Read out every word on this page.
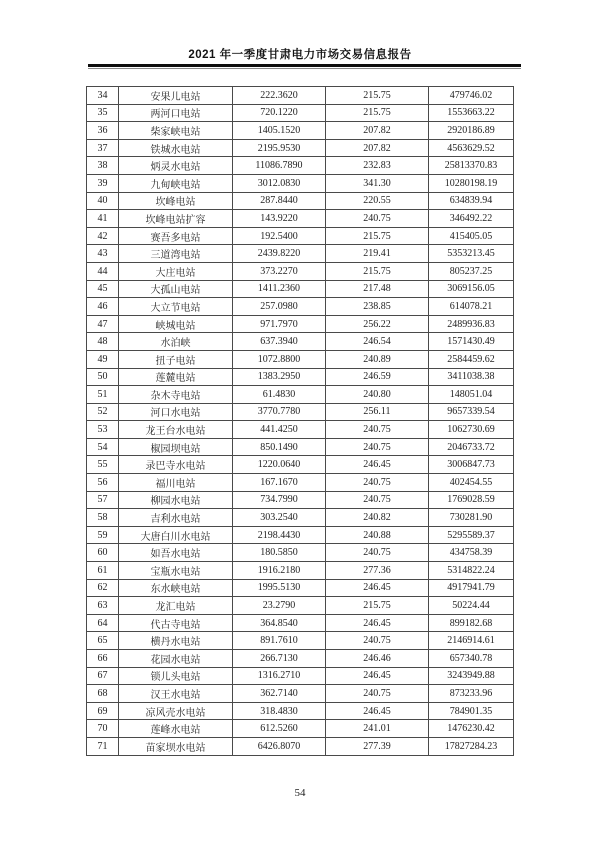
2021 年一季度甘肃电力市场交易信息报告
34	安果儿电站	222.3620	215.75	479746.02
35	两河口电站	720.1220	215.75	1553663.22
36	柴家峡电站	1405.1520	207.82	2920186.89
37	铁城水电站	2195.9530	207.82	4563629.52
38	炳灵水电站	11086.7890	232.83	25813370.83
39	九甸峡电站	3012.0830	341.30	10280198.19
40	坎峰电站	287.8440	220.55	634839.94
41	坎峰电站扩容	143.9220	240.75	346492.22
42	赛吾多电站	192.5400	215.75	415405.05
43	三道湾电站	2439.8220	219.41	5353213.45
44	大庄电站	373.2270	215.75	805237.25
45	大孤山电站	1411.2360	217.48	3069156.05
46	大立节电站	257.0980	238.85	614078.21
47	峡城电站	971.7970	256.22	2489936.83
48	水泊峡	637.3940	246.54	1571430.49
49	扭子电站	1072.8800	240.89	2584459.62
50	莲麓电站	1383.2950	246.59	3411038.38
51	杂木寺电站	61.4830	240.80	148051.04
52	河口水电站	3770.7780	256.11	9657339.54
53	龙王台水电站	441.4250	240.75	1062730.69
54	椒园坝电站	850.1490	240.75	2046733.72
55	录巴寺水电站	1220.0640	246.45	3006847.73
56	福川电站	167.1670	240.75	402454.55
57	柳园水电站	734.7990	240.75	1769028.59
58	吉利水电站	303.2540	240.82	730281.90
59	大唐白川水电站	2198.4430	240.88	5295589.37
60	如吾水电站	180.5850	240.75	434758.39
61	宝瓶水电站	1916.2180	277.36	5314822.24
62	东水峡电站	1995.5130	246.45	4917941.79
63	龙汇电站	23.2790	215.75	50224.44
64	代古寺电站	364.8540	246.45	899182.68
65	横丹水电站	891.7610	240.75	2146914.61
66	花园水电站	266.7130	246.46	657340.78
67	锁儿头电站	1316.2710	246.45	3243949.88
68	汉王水电站	362.7140	240.75	873233.96
69	凉风壳水电站	318.4830	246.45	784901.35
70	莲峰水电站	612.5260	241.01	1476230.42
71	苗家坝水电站	6426.8070	277.39	17827284.23
54
